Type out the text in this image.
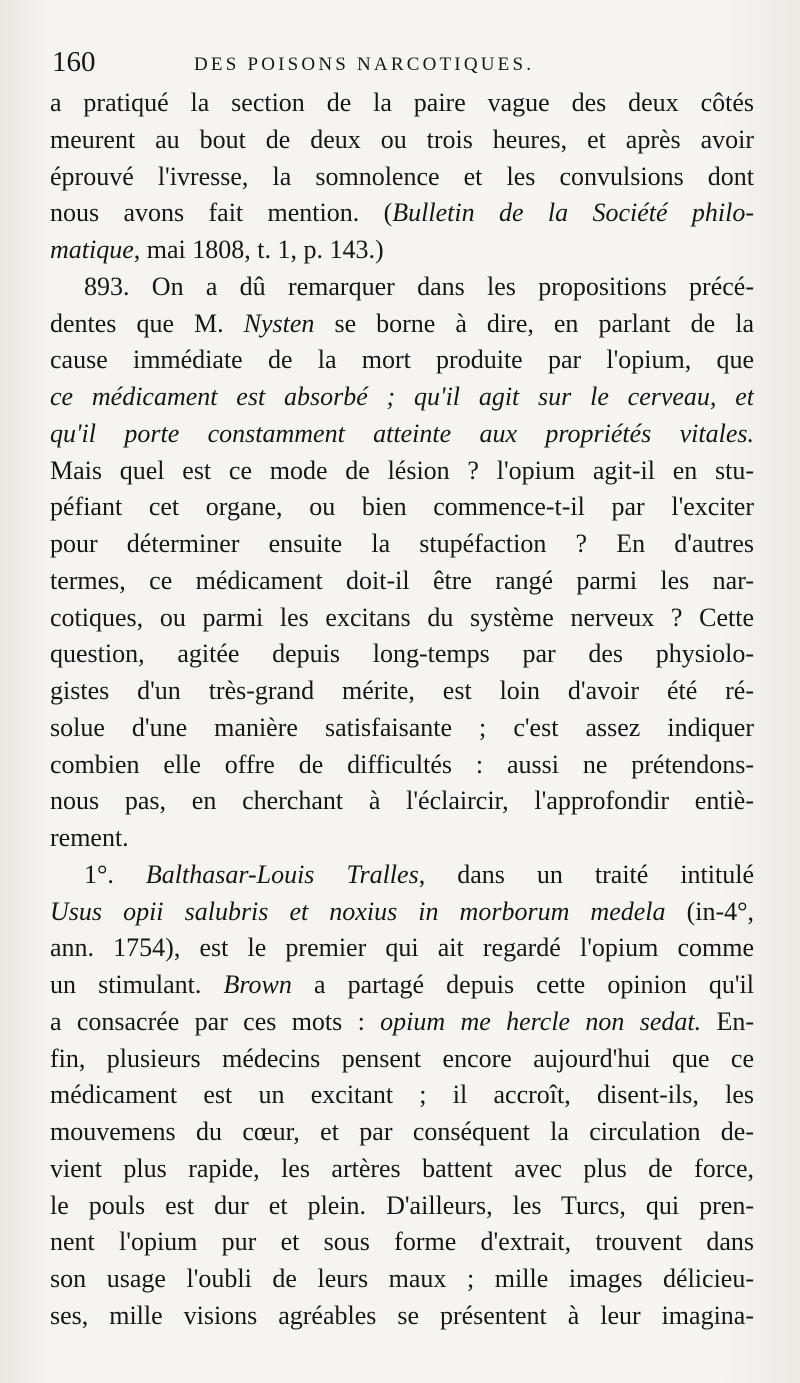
160	DES POISONS NARCOTIQUES.
a pratiqué la section de la paire vague des deux côtés
meurent au bout de deux ou trois heures, et après avoir
éprouvé l'ivresse, la somnolence et les convulsions dont
nous avons fait mention. (Bulletin de la Société philo-
matique, mai 1808, t. 1, p. 143.)
893. On a dû remarquer dans les propositions précé-
dentes que M. Nysten se borne à dire, en parlant de la
cause immédiate de la mort produite par l'opium, que
ce médicament est absorbé ; qu'il agit sur le cerveau, et
qu'il porte constamment atteinte aux propriétés vitales.
Mais quel est ce mode de lésion ? l'opium agit-il en stu-
péfiant cet organe, ou bien commence-t-il par l'exciter
pour déterminer ensuite la stupéfaction ? En d'autres
termes, ce médicament doit-il être rangé parmi les nar-
cotiques, ou parmi les excitans du système nerveux ? Cette
question, agitée depuis long-temps par des physiolo-
gistes d'un très-grand mérite, est loin d'avoir été ré-
solue d'une manière satisfaisante ; c'est assez indiquer
combien elle offre de difficultés : aussi ne prétendons-
nous pas, en cherchant à l'éclaircir, l'approfondir entiè-
rement.
1°. Balthasar-Louis Tralles, dans un traité intitulé
Usus opii salubris et noxius in morborum medela (in-4°,
ann. 1754), est le premier qui ait regardé l'opium comme
un stimulant. Brown a partagé depuis cette opinion qu'il
a consacrée par ces mots : opium me hercle non sedat. En-
fin, plusieurs médecins pensent encore aujourd'hui que ce
médicament est un excitant ; il accroît, disent-ils, les
mouvemens du cœur, et par conséquent la circulation de-
vient plus rapide, les artères battent avec plus de force,
le pouls est dur et plein. D'ailleurs, les Turcs, qui pren-
nent l'opium pur et sous forme d'extrait, trouvent dans
son usage l'oubli de leurs maux ; mille images délicieu-
ses, mille visions agréables se présentent à leur imagina-
